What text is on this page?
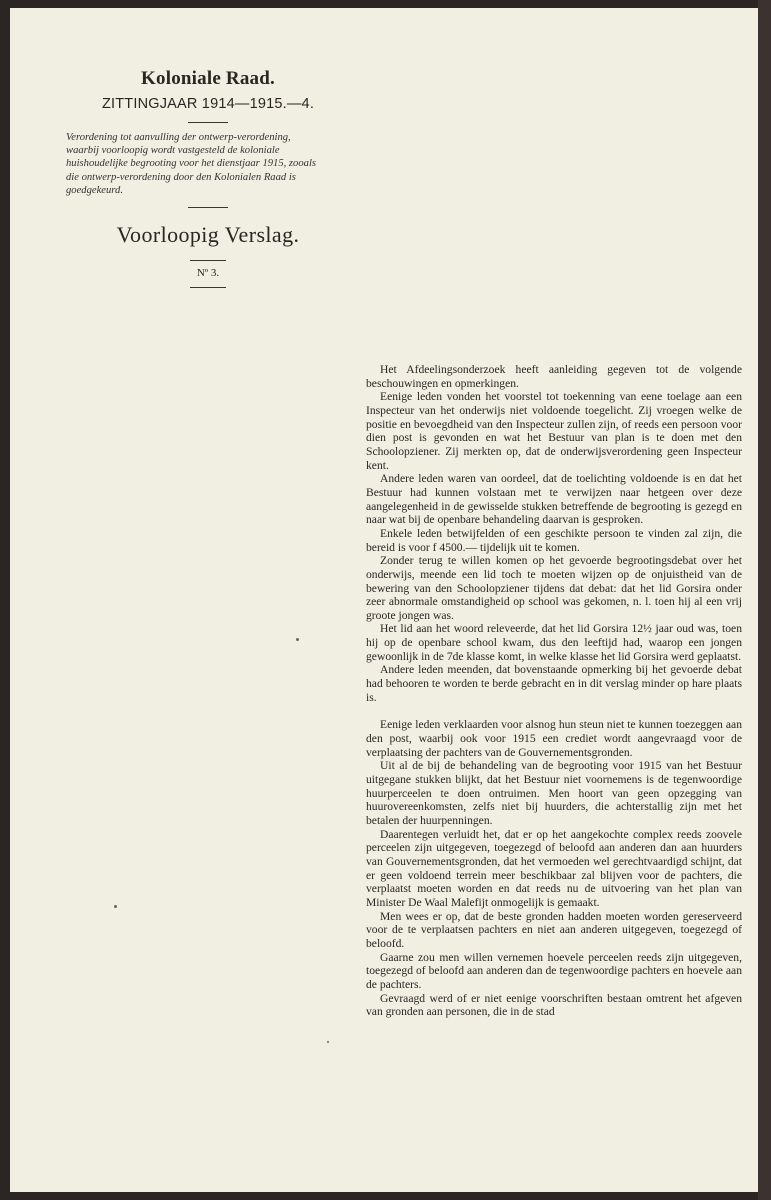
Koloniale Raad.
ZITTINGJAAR 1914—1915.—4.
Verordening tot aanvulling der ontwerp-verordening, waarbij voorloopig wordt vastgesteld de koloniale huishoudelijke begrooting voor het dienstjaar 1915, zooals die ontwerp-verordening door den Kolonialen Raad is goedgekeurd.
Voorloopig Verslag.
Nº 3.

Het Afdeelingsonderzoek heeft aanleiding gegeven tot de volgende beschouwingen en opmerkingen.

Eenige leden vonden het voorstel tot toekenning van eene toelage aan een Inspecteur van het onderwijs niet voldoende toegelicht. Zij vroegen welke de positie en bevoegdheid van den Inspecteur zullen zijn, of reeds een persoon voor dien post is gevonden en wat het Bestuur van plan is te doen met den Schoolopziener. Zij merkten op, dat de onderwijsverordening geen Inspecteur kent.

Andere leden waren van oordeel, dat de toelichting voldoende is en dat het Bestuur had kunnen volstaan met te verwijzen naar hetgeen over deze aangelegenheid in de gewisselde stukken betreffende de begrooting is gezegd en naar wat bij de openbare behandeling daarvan is gesproken.

Enkele leden betwijfelden of een geschikte persoon te vinden zal zijn, die bereid is voor f 4500.— tijdelijk uit te komen.

Zonder terug te willen komen op het gevoerde begrootingsdebat over het onderwijs, meende een lid toch te moeten wijzen op de onjuistheid van de bewering van den Schoolopziener tijdens dat debat: dat het lid Gorsira onder zeer abnormale omstandigheid op school was gekomen, n. l. toen hij al een vrij groote jongen was.

Het lid aan het woord releveerde, dat het lid Gorsira 12½ jaar oud was, toen hij op de openbare school kwam, dus den leeftijd had, waarop een jongen gewoonlijk in de 7de klasse komt, in welke klasse het lid Gorsira werd geplaatst.

Andere leden meenden, dat bovenstaande opmerking bij het gevoerde debat had behooren te worden te berde gebracht en in dit verslag minder op hare plaats is.

Eenige leden verklaarden voor alsnog hun steun niet te kunnen toezeggen aan den post, waarbij ook voor 1915 een crediet wordt aangevraagd voor de verplaatsing der pachters van de Gouvernementsgronden.

Uit al de bij de behandeling van de begrooting voor 1915 van het Bestuur uitgegane stukken blijkt, dat het Bestuur niet voornemens is de tegenwoordige huurperceelen te doen ontruimen. Men hoort van geen opzegging van huurovereenkomsten, zelfs niet bij huurders, die achterstallig zijn met het betalen der huurpenningen.

Daarentegen verluidt het, dat er op het aangekochte complex reeds zoovele perceelen zijn uitgegeven, toegezegd of beloofd aan anderen dan aan huurders van Gouvernementsgronden, dat het vermoeden wel gerechtvaardigd schijnt, dat er geen voldoend terrein meer beschikbaar zal blijven voor de pachters, die verplaatst moeten worden en dat reeds nu de uitvoering van het plan van Minister De Waal Malefijt onmogelijk is gemaakt.

Men wees er op, dat de beste gronden hadden moeten worden gereserveerd voor de te verplaatsen pachters en niet aan anderen uitgegeven, toegezegd of beloofd.

Gaarne zou men willen vernemen hoevele perceelen reeds zijn uitgegeven, toegezegd of beloofd aan anderen dan de tegenwoordige pachters en hoevele aan de pachters.

Gevraagd werd of er niet eenige voorschriften bestaan omtrent het afgeven van gronden aan personen, die in de stad
